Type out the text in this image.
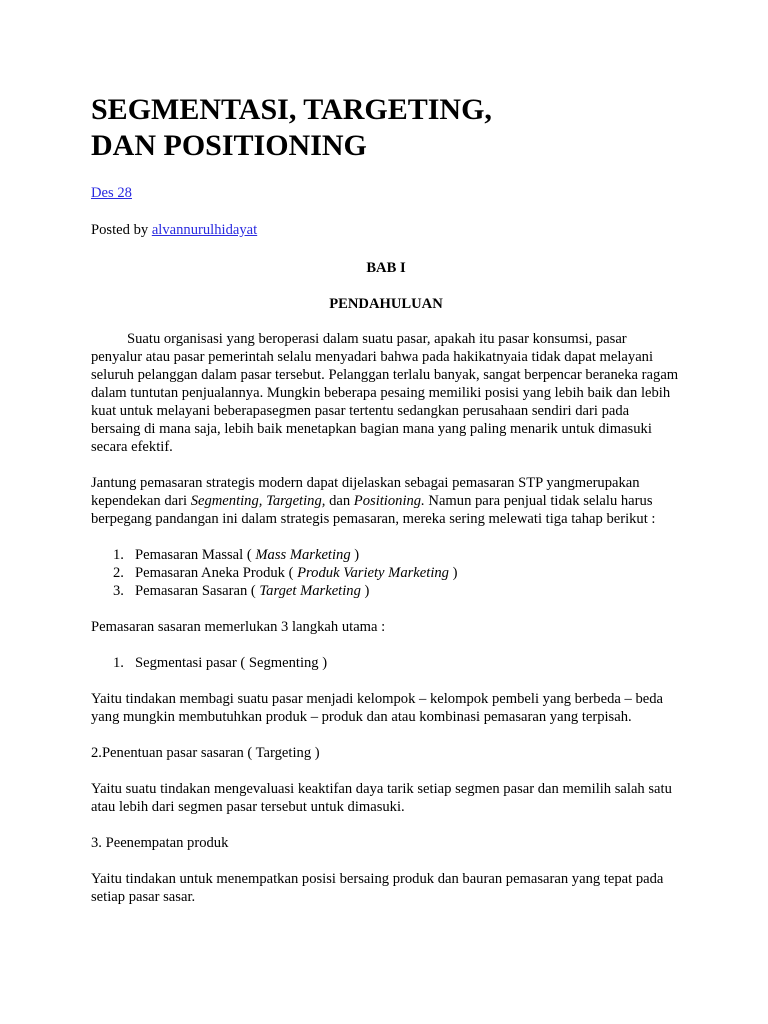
SEGMENTASI, TARGETING,
DAN POSITIONING
Des 28

Posted by alvannurulhidayat

BAB I

PENDAHULUAN

Suatu organisasi yang beroperasi dalam suatu pasar, apakah itu pasar konsumsi, pasar penyalur atau pasar pemerintah selalu menyadari bahwa pada hakikatnyaia tidak dapat melayani seluruh pelanggan dalam pasar tersebut. Pelanggan terlalu banyak, sangat berpencar beraneka ragam dalam tuntutan penjualannya. Mungkin beberapa pesaing memiliki posisi yang lebih baik dan lebih kuat untuk melayani beberapasegmen pasar tertentu sedangkan perusahaan sendiri dari pada bersaing di mana saja, lebih baik menetapkan bagian mana yang paling menarik untuk dimasuki secara efektif.

Jantung pemasaran strategis modern dapat dijelaskan sebagai pemasaran STP yangmerupakan kependekan dari Segmenting, Targeting, dan Positioning. Namun para penjual tidak selalu harus berpegang pandangan ini dalam strategis pemasaran, mereka sering melewati tiga tahap berikut :

1. Pemasaran Massal ( Mass Marketing )
2. Pemasaran Aneka Produk ( Produk Variety Marketing )
3. Pemasaran Sasaran ( Target Marketing )

Pemasaran sasaran memerlukan 3 langkah utama :

1. Segmentasi pasar ( Segmenting )

Yaitu tindakan membagi suatu pasar menjadi kelompok – kelompok pembeli yang berbeda – beda yang mungkin membutuhkan produk – produk dan atau kombinasi pemasaran yang terpisah.

2.Penentuan pasar sasaran ( Targeting )

Yaitu suatu tindakan mengevaluasi keaktifan daya tarik setiap segmen pasar dan memilih salah satu atau lebih dari segmen pasar tersebut untuk dimasuki.

3. Peenempatan produk

Yaitu tindakan untuk menempatkan posisi bersaing produk dan bauran pemasaran yang tepat pada setiap pasar sasar.
